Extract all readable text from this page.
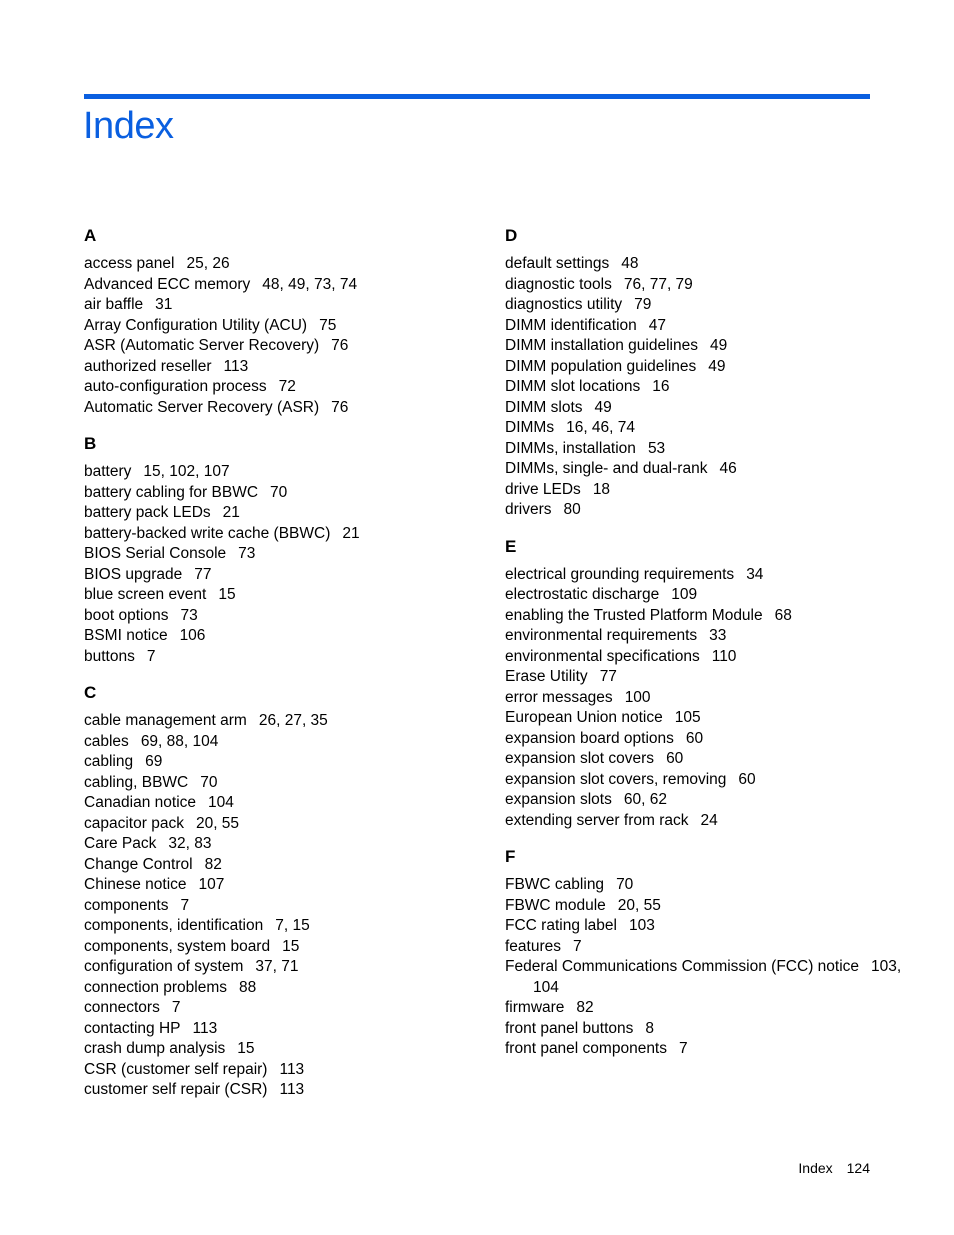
Index
A
access panel 25, 26
Advanced ECC memory 48, 49, 73, 74
air baffle 31
Array Configuration Utility (ACU) 75
ASR (Automatic Server Recovery) 76
authorized reseller 113
auto-configuration process 72
Automatic Server Recovery (ASR) 76
B
battery 15, 102, 107
battery cabling for BBWC 70
battery pack LEDs 21
battery-backed write cache (BBWC) 21
BIOS Serial Console 73
BIOS upgrade 77
blue screen event 15
boot options 73
BSMI notice 106
buttons 7
C
cable management arm 26, 27, 35
cables 69, 88, 104
cabling 69
cabling, BBWC 70
Canadian notice 104
capacitor pack 20, 55
Care Pack 32, 83
Change Control 82
Chinese notice 107
components 7
components, identification 7, 15
components, system board 15
configuration of system 37, 71
connection problems 88
connectors 7
contacting HP 113
crash dump analysis 15
CSR (customer self repair) 113
customer self repair (CSR) 113
D
default settings 48
diagnostic tools 76, 77, 79
diagnostics utility 79
DIMM identification 47
DIMM installation guidelines 49
DIMM population guidelines 49
DIMM slot locations 16
DIMM slots 49
DIMMs 16, 46, 74
DIMMs, installation 53
DIMMs, single- and dual-rank 46
drive LEDs 18
drivers 80
E
electrical grounding requirements 34
electrostatic discharge 109
enabling the Trusted Platform Module 68
environmental requirements 33
environmental specifications 110
Erase Utility 77
error messages 100
European Union notice 105
expansion board options 60
expansion slot covers 60
expansion slot covers, removing 60
expansion slots 60, 62
extending server from rack 24
F
FBWC cabling 70
FBWC module 20, 55
FCC rating label 103
features 7
Federal Communications Commission (FCC) notice 103, 104
firmware 82
front panel buttons 8
front panel components 7
Index 124
